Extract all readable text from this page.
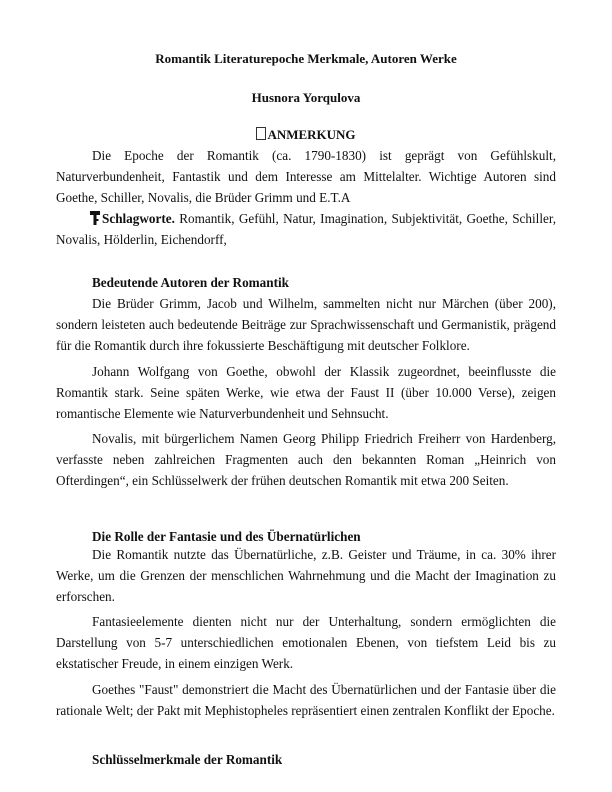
Romantik Literaturepoche Merkmale, Autoren Werke
Husnora Yorqulova
ANMERKUNG

Die Epoche der Romantik (ca. 1790-1830) ist geprägt von Gefühlskult, Naturverbundenheit, Fantastik und dem Interesse am Mittelalter. Wichtige Autoren sind Goethe, Schiller, Novalis, die Brüder Grimm und E.T.A

Schlagworte. Romantik, Gefühl, Natur, Imagination, Subjektivität, Goethe, Schiller, Novalis, Hölderlin, Eichendorff,

Bedeutende Autoren der Romantik

Die Brüder Grimm, Jacob und Wilhelm, sammelten nicht nur Märchen (über 200), sondern leisteten auch bedeutende Beiträge zur Sprachwissenschaft und Germanistik, prägend für die Romantik durch ihre fokussierte Beschäftigung mit deutscher Folklore.

Johann Wolfgang von Goethe, obwohl der Klassik zugeordnet, beeinflusste die Romantik stark. Seine späten Werke, wie etwa der Faust II (über 10.000 Verse), zeigen romantische Elemente wie Naturverbundenheit und Sehnsucht.

Novalis, mit bürgerlichem Namen Georg Philipp Friedrich Freiherr von Hardenberg, verfasste neben zahlreichen Fragmenten auch den bekannten Roman „Heinrich von Ofterdingen“, ein Schlüsselwerk der frühen deutschen Romantik mit etwa 200 Seiten.

Die Rolle der Fantasie und des Übernatürlichen

Die Romantik nutzte das Übernatürliche, z.B. Geister und Träume, in ca. 30% ihrer Werke, um die Grenzen der menschlichen Wahrnehmung und die Macht der Imagination zu erforschen.

Fantasieelemente dienten nicht nur der Unterhaltung, sondern ermöglichten die Darstellung von 5-7 unterschiedlichen emotionalen Ebenen, von tiefstem Leid bis zu ekstatischer Freude, in einem einzigen Werk.

Goethes "Faust" demonstriert die Macht des Übernatürlichen und der Fantasie über die rationale Welt; der Pakt mit Mephistopheles repräsentiert einen zentralen Konflikt der Epoche.

Schlüsselmerkmale der Romantik
